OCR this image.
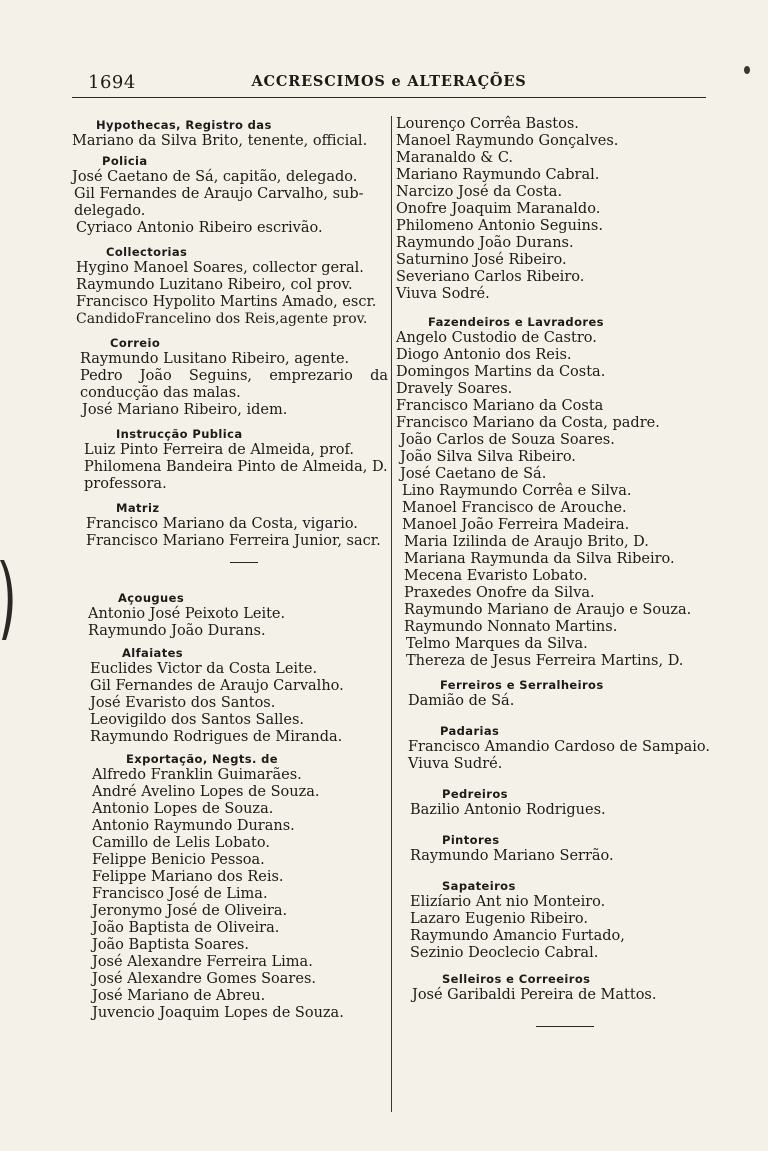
1694	ACCRESCIMOS e ALTERAÇÕES
Hypothecas, Registro das
Mariano da Silva Brito, tenente, official.
Policia
José Caetano de Sá, capitão, delegado.
Gil Fernandes de Araujo Carvalho, sub-delegado.
Cyriaco Antonio Ribeiro escrivão.
Collectorias
Hygino Manoel Soares, collector geral.
Raymundo Luzitano Ribeiro, col prov.
Francisco Hypolito Martins Amado, escr.
CandidoFrancelino dos Reis,agente prov.
Correio
Raymundo Lusitano Ribeiro, agente.
Pedro João Seguins, emprezario da conducção das malas.
José Mariano Ribeiro, idem.
Instrucção Publica
Luiz Pinto Ferreira de Almeida, prof.
Philomena Bandeira Pinto de Almeida, D. professora.
Matriz
Francisco Mariano da Costa, vigario.
Francisco Mariano Ferreira Junior, sacr.
Açougues
Antonio José Peixoto Leite.
Raymundo João Durans.
Alfaiates
Euclides Victor da Costa Leite.
Gil Fernandes de Araujo Carvalho.
José Evaristo dos Santos.
Leovigildo dos Santos Salles.
Raymundo Rodrigues de Miranda.
Exportação, Negts. de
Alfredo Franklin Guimarães.
André Avelino Lopes de Souza.
Antonio Lopes de Souza.
Antonio Raymundo Durans.
Camillo de Lelis Lobato.
Felippe Benicio Pessoa.
Felippe Mariano dos Reis.
Francisco José de Lima.
Jeronymo José de Oliveira.
João Baptista de Oliveira.
João Baptista Soares.
José Alexandre Ferreira Lima.
José Alexandre Gomes Soares.
José Mariano de Abreu.
Juvencio Joaquim Lopes de Souza.
Lourenço Corrêa Bastos.
Manoel Raymundo Gonçalves.
Maranaldo & C.
Mariano Raymundo Cabral.
Narcizo José da Costa.
Onofre Joaquim Maranaldo.
Philomeno Antonio Seguins.
Raymundo João Durans.
Saturnino José Ribeiro.
Severiano Carlos Ribeiro.
Viuva Sodré.
Fazendeiros e Lavradores
Angelo Custodio de Castro.
Diogo Antonio dos Reis.
Domingos Martins da Costa.
Dravely Soares.
Francisco Mariano da Costa
Francisco Mariano da Costa, padre.
João Carlos de Souza Soares.
João Silva Silva Ribeiro.
José Caetano de Sá.
Lino Raymundo Corrêa e Silva.
Manoel Francisco de Arouche.
Manoel João Ferreira Madeira.
Maria Izilinda de Araujo Brito, D.
Mariana Raymunda da Silva Ribeiro.
Mecena Evaristo Lobato.
Praxedes Onofre da Silva.
Raymundo Mariano de Araujo e Souza.
Raymundo Nonnato Martins.
Telmo Marques da Silva.
Thereza de Jesus Ferreira Martins, D.
Ferreiros e Serralheiros
Damião de Sá.
Padarias
Francisco Amandio Cardoso de Sampaio.
Viuva Sudré.
Pedreiros
Bazilio Antonio Rodrigues.
Pintores
Raymundo Mariano Serrão.
Sapateiros
Elizíario Ant nio Monteiro.
Lazaro Eugenio Ribeiro.
Raymundo Amancio Furtado,
Sezinio Deoclecio Cabral.
Selleiros e Correeiros
José Garibaldi Pereira de Mattos.
